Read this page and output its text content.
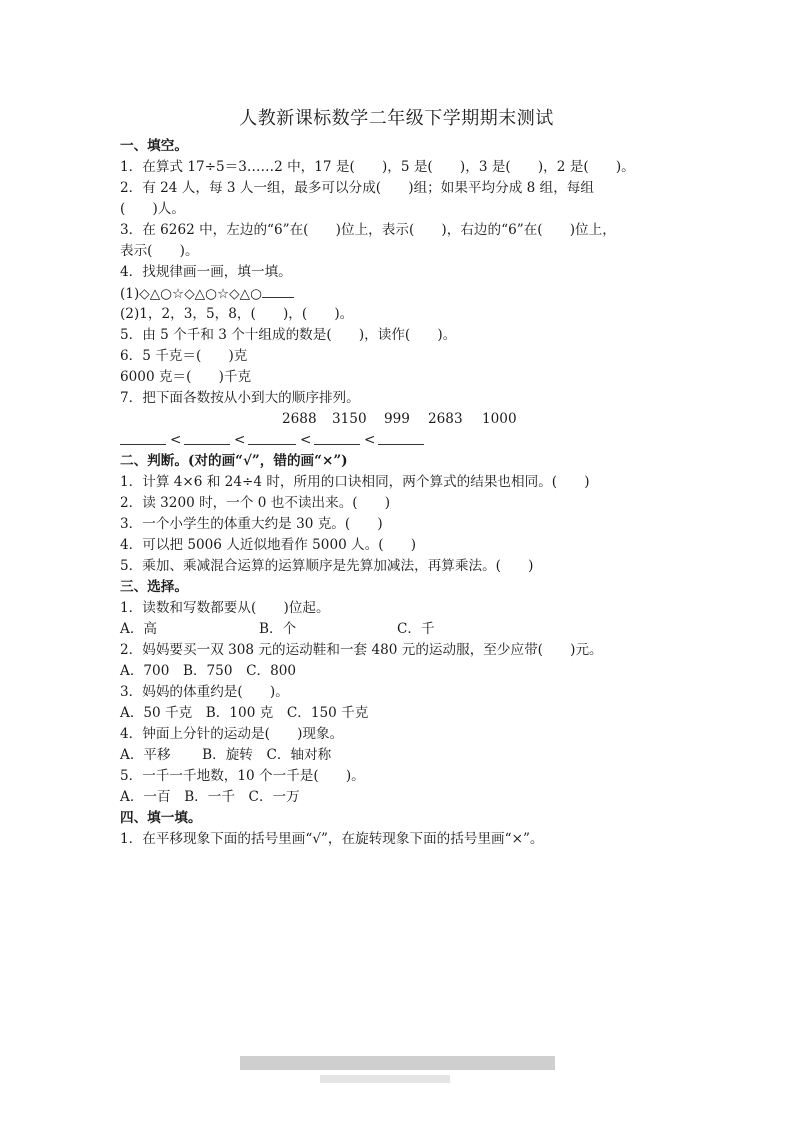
人教新课标数学二年级下学期期末测试
一、填空。
1．在算式 17÷5＝3……2 中，17 是(　　)，5 是(　　)，3 是(　　)，2 是(　　)。
2．有 24 人，每 3 人一组，最多可以分成(　　)组；如果平均分成 8 组，每组
(　　)人。
3．在 6262 中，左边的“6”在(　　)位上，表示(　　)，右边的“6”在(　　)位上，
表示(　　)。
4．找规律画一画，填一填。
(1)◇△○☆◇△○☆◇△○
(2)1，2，3，5，8，(　　)，(　　)。
5．由 5 个千和 3 个十组成的数是(　　)，读作(　　)。
6．5 千克＝(　　)克
6000 克＝(　　)千克
7．把下面各数按从小到大的顺序排列。
2688 3150 999 2683 1000
<	<	<	<
二、判断。(对的画“√”，错的画“×”)
1．计算 4×6 和 24÷4 时，所用的口诀相同，两个算式的结果也相同。(　　)
2．读 3200 时，一个 0 也不读出来。(　　)
3．一个小学生的体重大约是 30 克。(　　)
4．可以把 5006 人近似地看作 5000 人。(　　)
5．乘加、乘减混合运算的运算顺序是先算加减法，再算乘法。(　　)
三、选择。
1．读数和写数都要从(　　)位起。
A．高	B．个	C．千
2．妈妈要买一双 308 元的运动鞋和一套 480 元的运动服，至少应带(　　)元。
A．700　B．750　C．800
3．妈妈的体重约是(　　)。
A．50 千克　B．100 克　C．150 千克
4．钟面上分针的运动是(　　)现象。
A．平移　　 B．旋转　C．轴对称
5．一千一千地数，10 个一千是(　　)。
A．一百　B．一千　C．一万
四、填一填。
1．在平移现象下面的括号里画“√”，在旋转现象下面的括号里画“×”。
